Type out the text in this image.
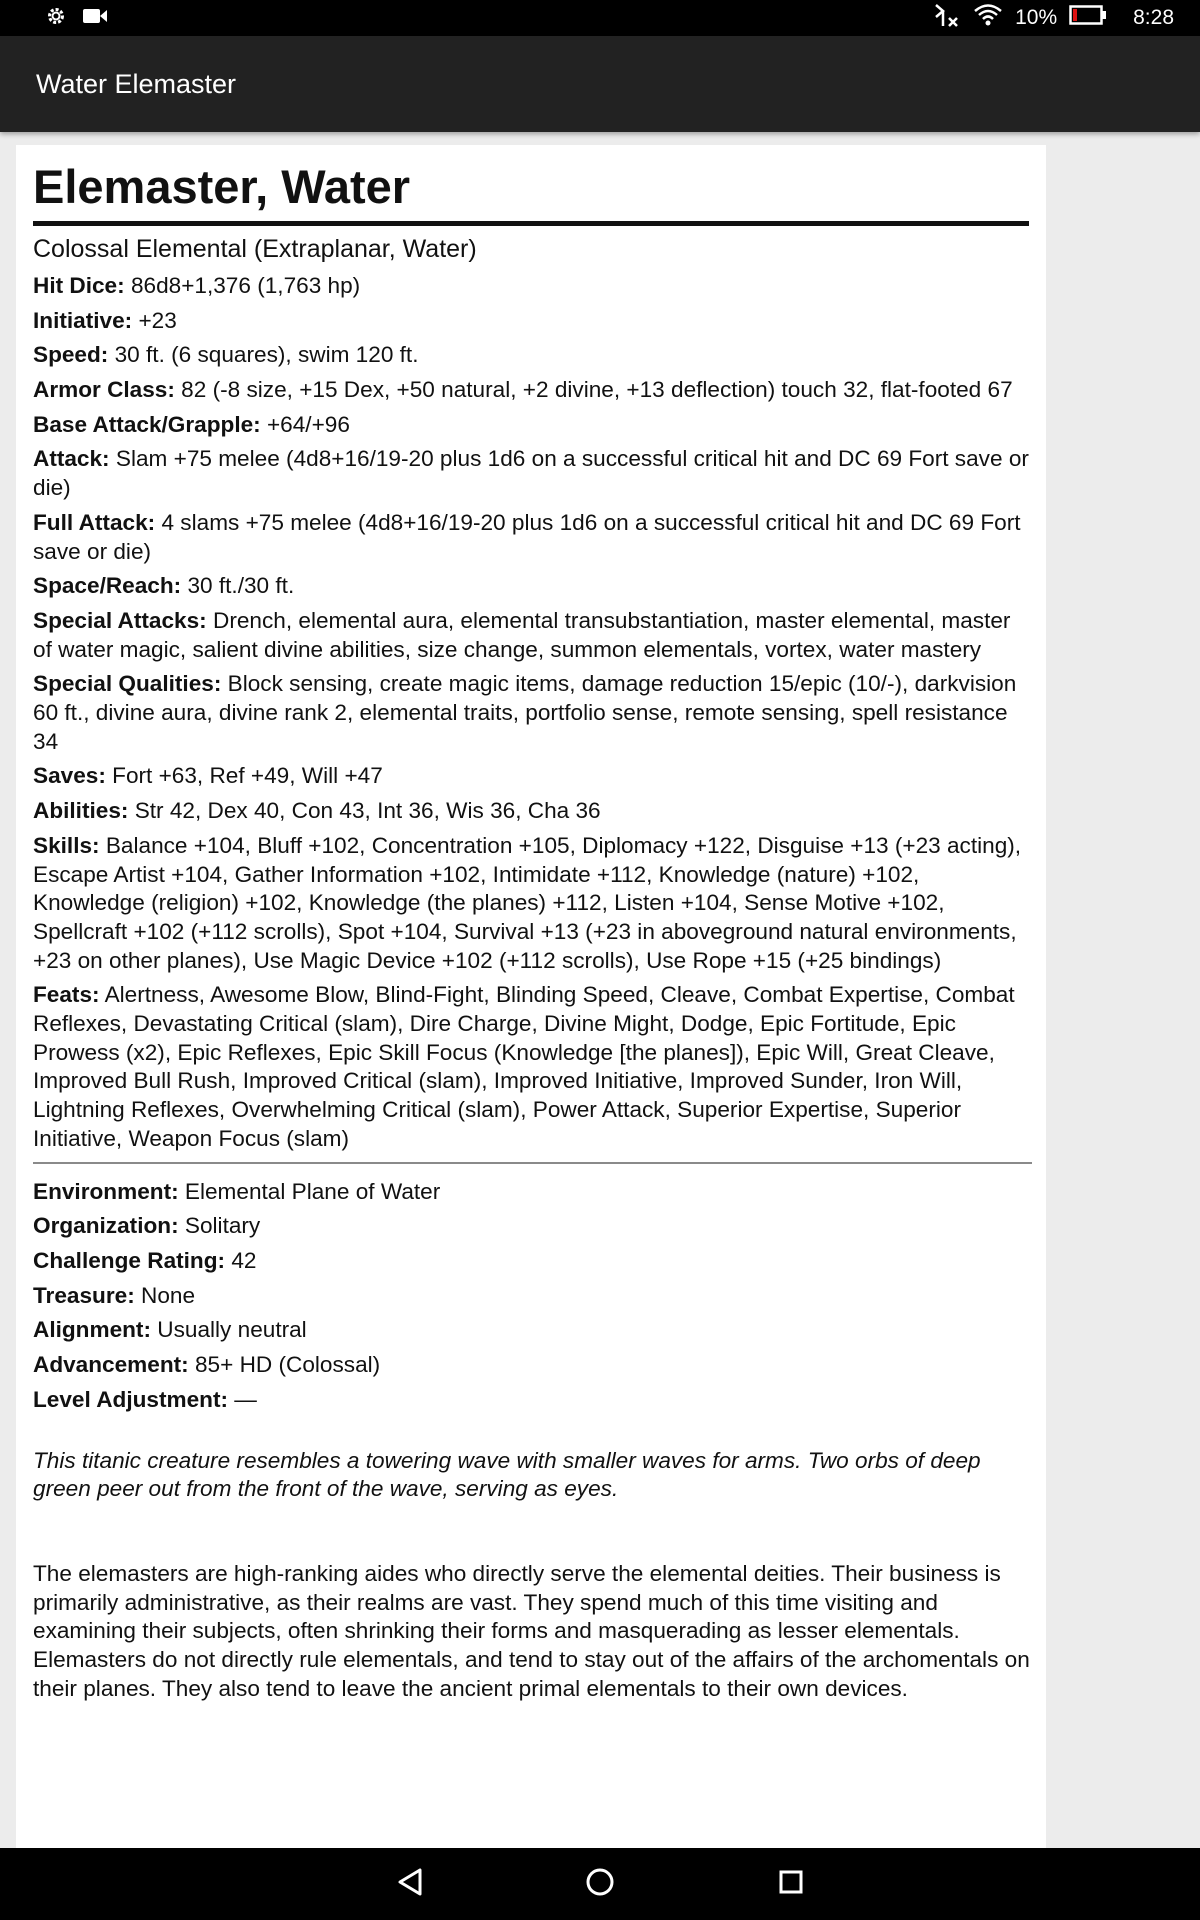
10%	8:28
Water Elemaster
Elemaster, Water
Colossal Elemental (Extraplanar, Water)
Hit Dice: 86d8+1,376 (1,763 hp)
Initiative: +23
Speed: 30 ft. (6 squares), swim 120 ft.
Armor Class: 82 (-8 size, +15 Dex, +50 natural, +2 divine, +13 deflection) touch 32, flat-footed 67
Base Attack/Grapple: +64/+96
Attack: Slam +75 melee (4d8+16/19-20 plus 1d6 on a successful critical hit and DC 69 Fort save or die)
Full Attack: 4 slams +75 melee (4d8+16/19-20 plus 1d6 on a successful critical hit and DC 69 Fort save or die)
Space/Reach: 30 ft./30 ft.
Special Attacks: Drench, elemental aura, elemental transubstantiation, master elemental, master of water magic, salient divine abilities, size change, summon elementals, vortex, water mastery
Special Qualities: Block sensing, create magic items, damage reduction 15/epic (10/-), darkvision 60 ft., divine aura, divine rank 2, elemental traits, portfolio sense, remote sensing, spell resistance 34
Saves: Fort +63, Ref +49, Will +47
Abilities: Str 42, Dex 40, Con 43, Int 36, Wis 36, Cha 36
Skills: Balance +104, Bluff +102, Concentration +105, Diplomacy +122, Disguise +13 (+23 acting), Escape Artist +104, Gather Information +102, Intimidate +112, Knowledge (nature) +102, Knowledge (religion) +102, Knowledge (the planes) +112, Listen +104, Sense Motive +102, Spellcraft +102 (+112 scrolls), Spot +104, Survival +13 (+23 in aboveground natural environments, +23 on other planes), Use Magic Device +102 (+112 scrolls), Use Rope +15 (+25 bindings)
Feats: Alertness, Awesome Blow, Blind-Fight, Blinding Speed, Cleave, Combat Expertise, Combat Reflexes, Devastating Critical (slam), Dire Charge, Divine Might, Dodge, Epic Fortitude, Epic Prowess (x2), Epic Reflexes, Epic Skill Focus (Knowledge [the planes]), Epic Will, Great Cleave, Improved Bull Rush, Improved Critical (slam), Improved Initiative, Improved Sunder, Iron Will, Lightning Reflexes, Overwhelming Critical (slam), Power Attack, Superior Expertise, Superior Initiative, Weapon Focus (slam)
Environment: Elemental Plane of Water
Organization: Solitary
Challenge Rating: 42
Treasure: None
Alignment: Usually neutral
Advancement: 85+ HD (Colossal)
Level Adjustment: —

This titanic creature resembles a towering wave with smaller waves for arms. Two orbs of deep green peer out from the front of the wave, serving as eyes.

The elemasters are high-ranking aides who directly serve the elemental deities. Their business is primarily administrative, as their realms are vast. They spend much of this time visiting and examining their subjects, often shrinking their forms and masquerading as lesser elementals. Elemasters do not directly rule elementals, and tend to stay out of the affairs of the archomentals on their planes. They also tend to leave the ancient primal elementals to their own devices.
